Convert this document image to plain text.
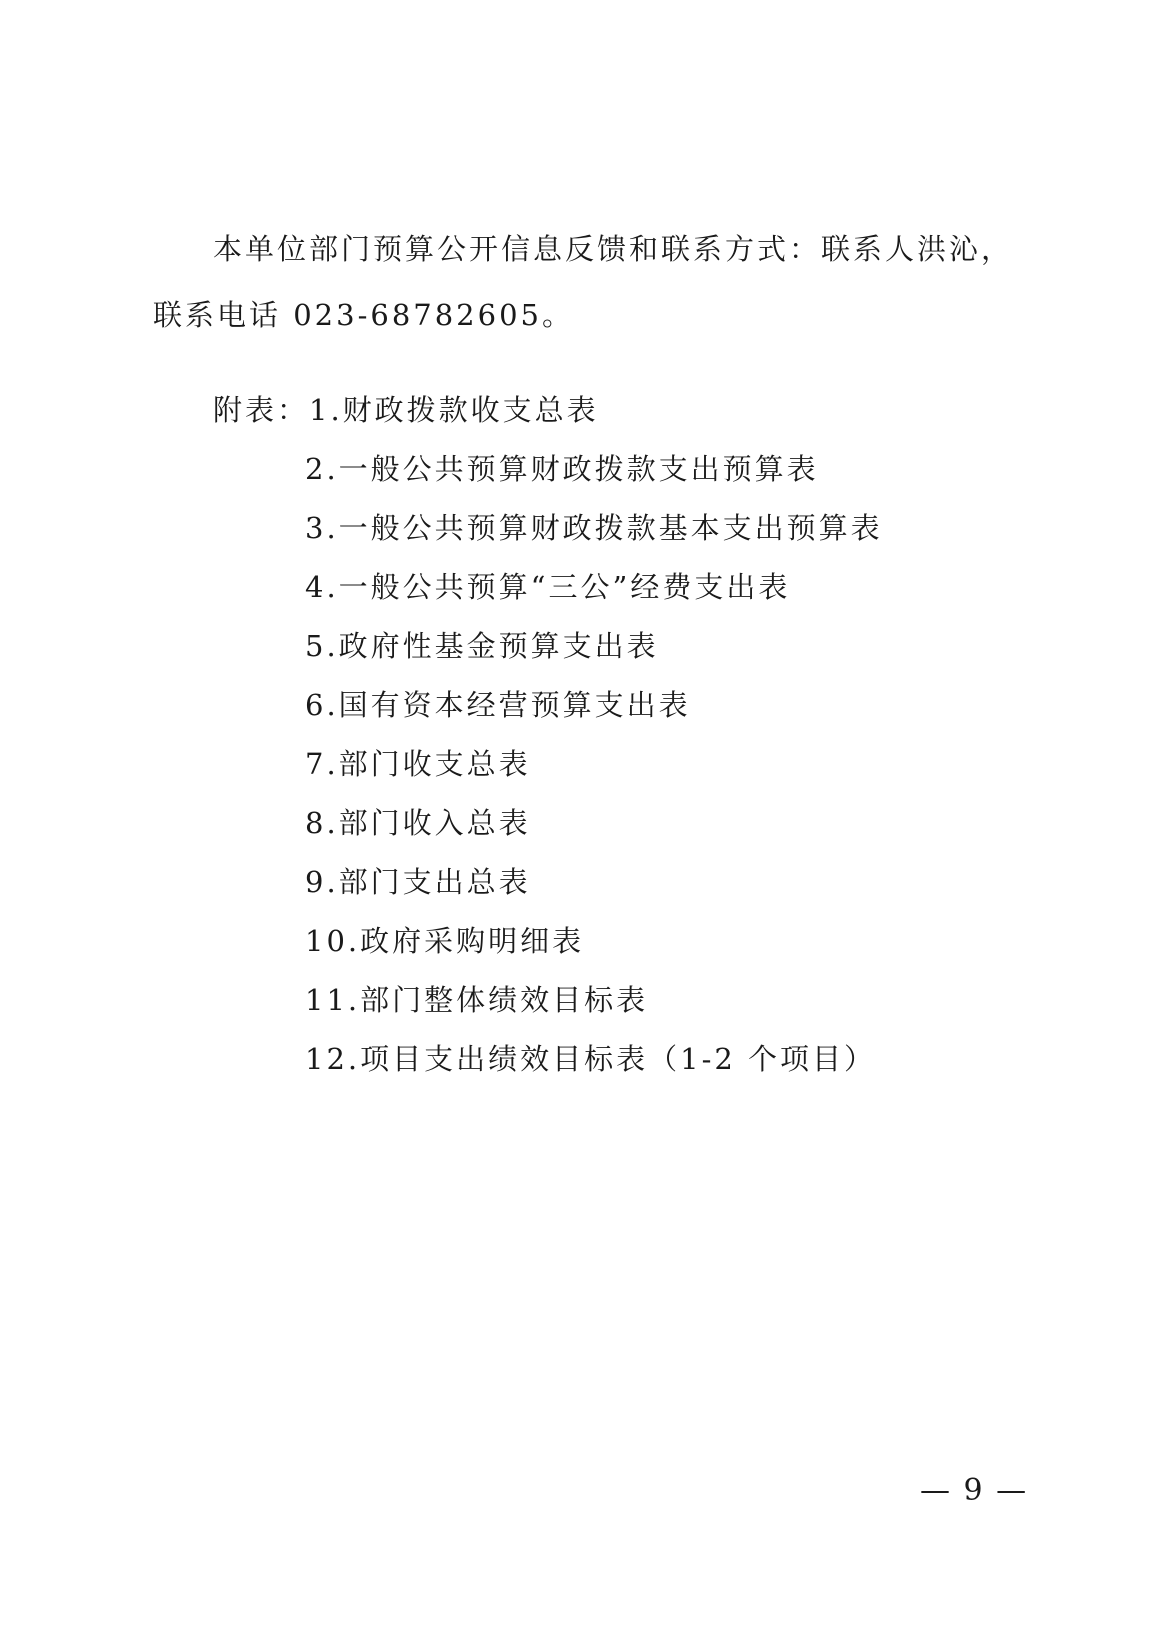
本单位部门预算公开信息反馈和联系方式：联系人洪沁，联系电话 023-68782605。

附表：1.财政拨款收支总表
2.一般公共预算财政拨款支出预算表
3.一般公共预算财政拨款基本支出预算表
4.一般公共预算“三公”经费支出表
5.政府性基金预算支出表
6.国有资本经营预算支出表
7.部门收支总表
8.部门收入总表
9.部门支出总表
10.政府采购明细表
11.部门整体绩效目标表
12.项目支出绩效目标表（1-2 个项目）
— 9 —
